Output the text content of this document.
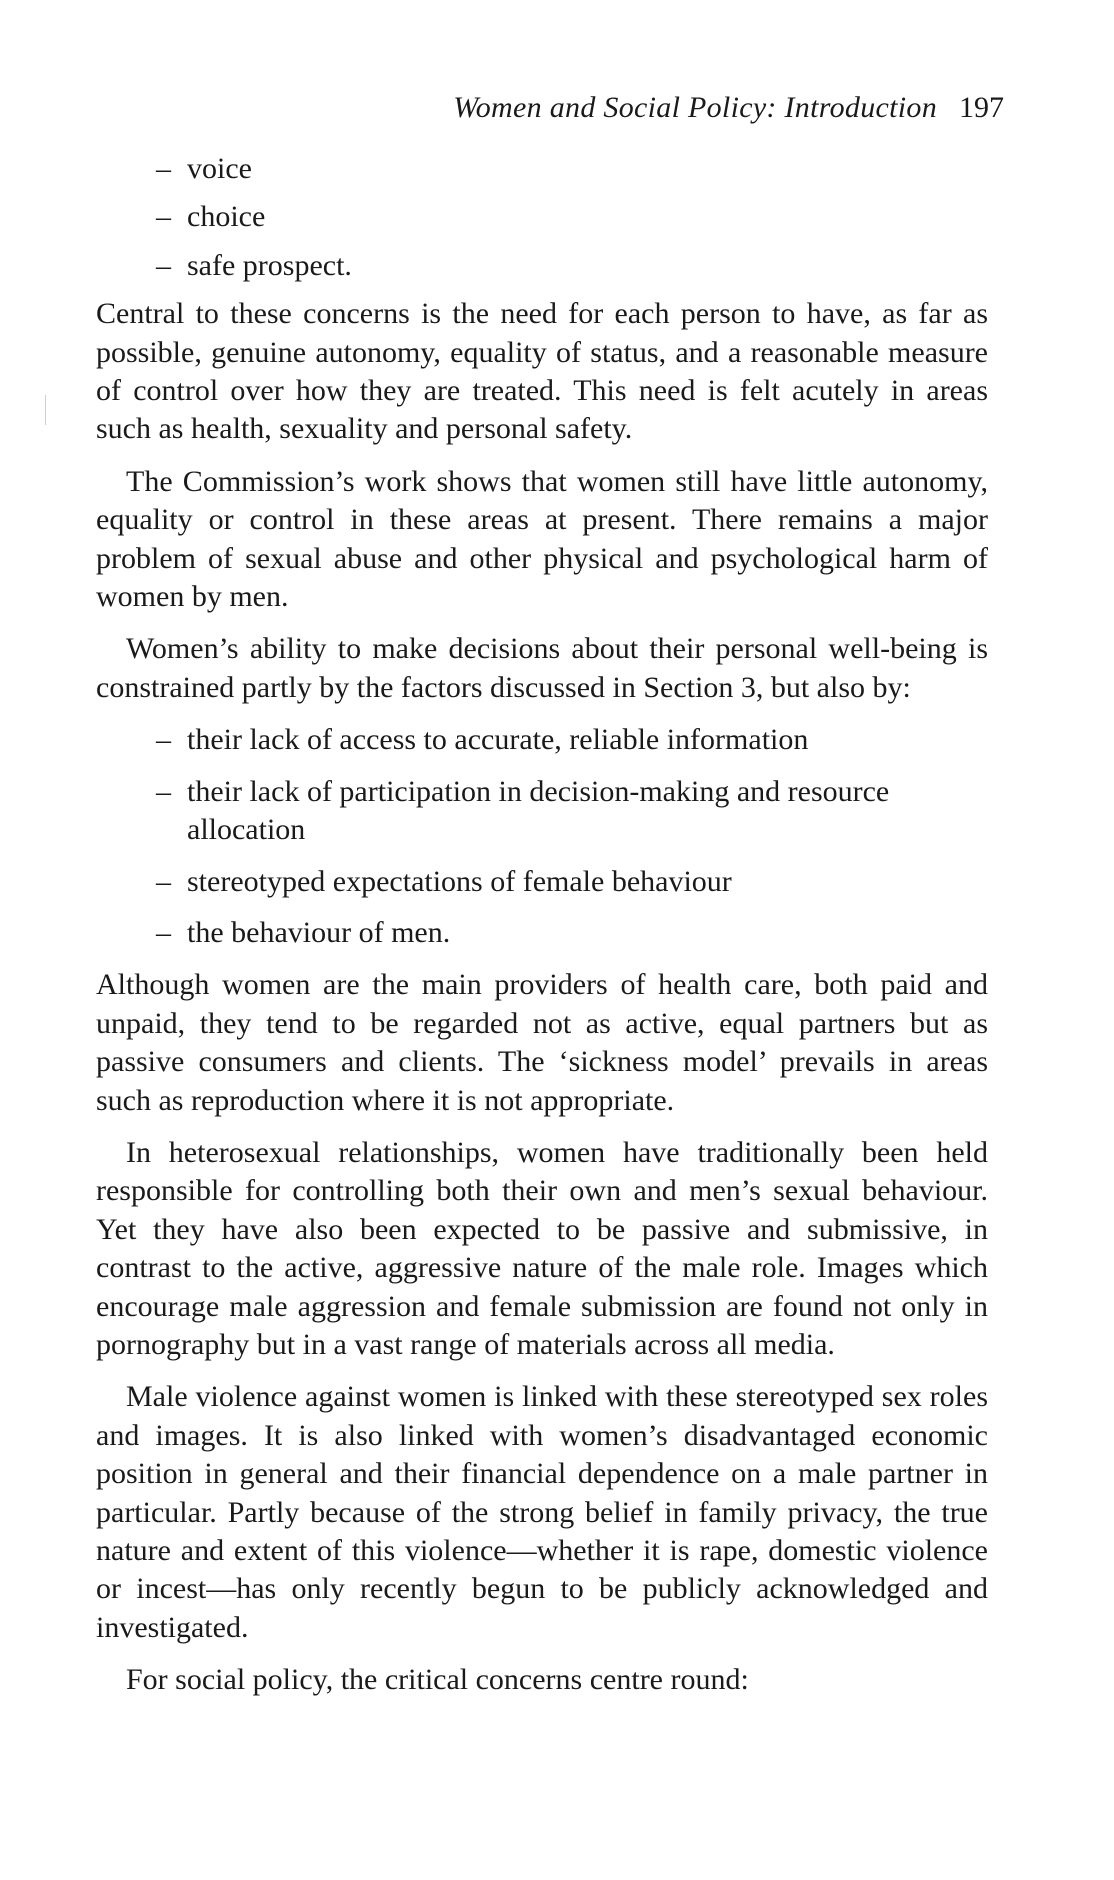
Women and Social Policy: Introduction 197
– voice
– choice
– safe prospect.

Central to these concerns is the need for each person to have, as far as possible, genuine autonomy, equality of status, and a reasonable measure of control over how they are treated. This need is felt acutely in areas such as health, sexuality and personal safety.

The Commission’s work shows that women still have little autonomy, equality or control in these areas at present. There remains a major problem of sexual abuse and other physical and psychological harm of women by men.

Women’s ability to make decisions about their personal well-being is constrained partly by the factors discussed in Section 3, but also by:

– their lack of access to accurate, reliable information
– their lack of participation in decision-making and resource allocation
– stereotyped expectations of female behaviour
– the behaviour of men.

Although women are the main providers of health care, both paid and unpaid, they tend to be regarded not as active, equal partners but as passive consumers and clients. The ‘sickness model’ prevails in areas such as reproduction where it is not appropriate.

In heterosexual relationships, women have traditionally been held responsible for controlling both their own and men’s sexual behaviour. Yet they have also been expected to be passive and submissive, in contrast to the active, aggressive nature of the male role. Images which encourage male aggression and female submission are found not only in pornography but in a vast range of materials across all media.

Male violence against women is linked with these stereotyped sex roles and images. It is also linked with women’s disadvantaged economic position in general and their financial dependence on a male partner in particular. Partly because of the strong belief in family privacy, the true nature and extent of this violence—whether it is rape, domestic violence or incest—has only recently begun to be publicly acknowledged and investigated.

For social policy, the critical concerns centre round:
